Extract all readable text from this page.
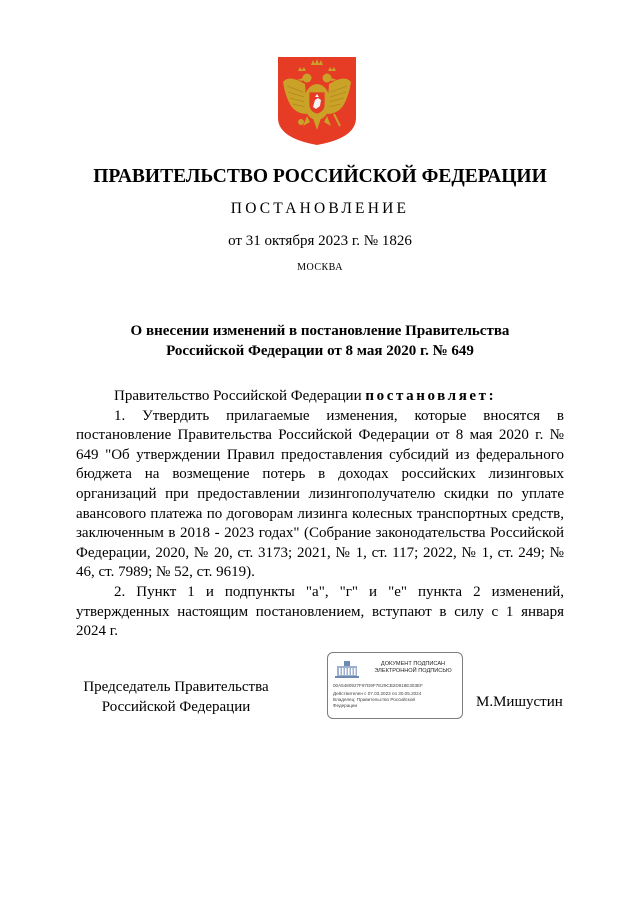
ПРАВИТЕЛЬСТВО РОССИЙСКОЙ ФЕДЕРАЦИИ
ПОСТАНОВЛЕНИЕ
от 31 октября 2023 г. № 1826
МОСКВА
О внесении изменений в постановление Правительства
Российской Федерации от 8 мая 2020 г. № 649

Правительство Российской Федерации постановляет:

1. Утвердить прилагаемые изменения, которые вносятся в постановление Правительства Российской Федерации от 8 мая 2020 г. № 649 "Об утверждении Правил предоставления субсидий из федерального бюджета на возмещение потерь в доходах российских лизинговых организаций при предоставлении лизингополучателю скидки по уплате авансового платежа по договорам лизинга колесных транспортных средств, заключенным в 2018 - 2023 годах" (Собрание законодательства Российской Федерации, 2020, № 20, ст. 3173; 2021, № 1, ст. 117; 2022, № 1, ст. 249; № 46, ст. 7989; № 52, ст. 9619).

2. Пункт 1 и подпункты "а", "г" и "е" пункта 2 изменений, утвержденных настоящим постановлением, вступают в силу с 1 января 2024 г.

Председатель Правительства
Российской Федерации
ДОКУМЕНТ ПОДПИСАН
ЭЛЕКТРОННОЙ ПОДПИСЬЮ
00A5480927F97D9F7E29CB2D918E303EF
Действителен с 07.03.2023 по 30.05.2024
Владелец: Правительство Российской
Федерации	М.Мишустин
